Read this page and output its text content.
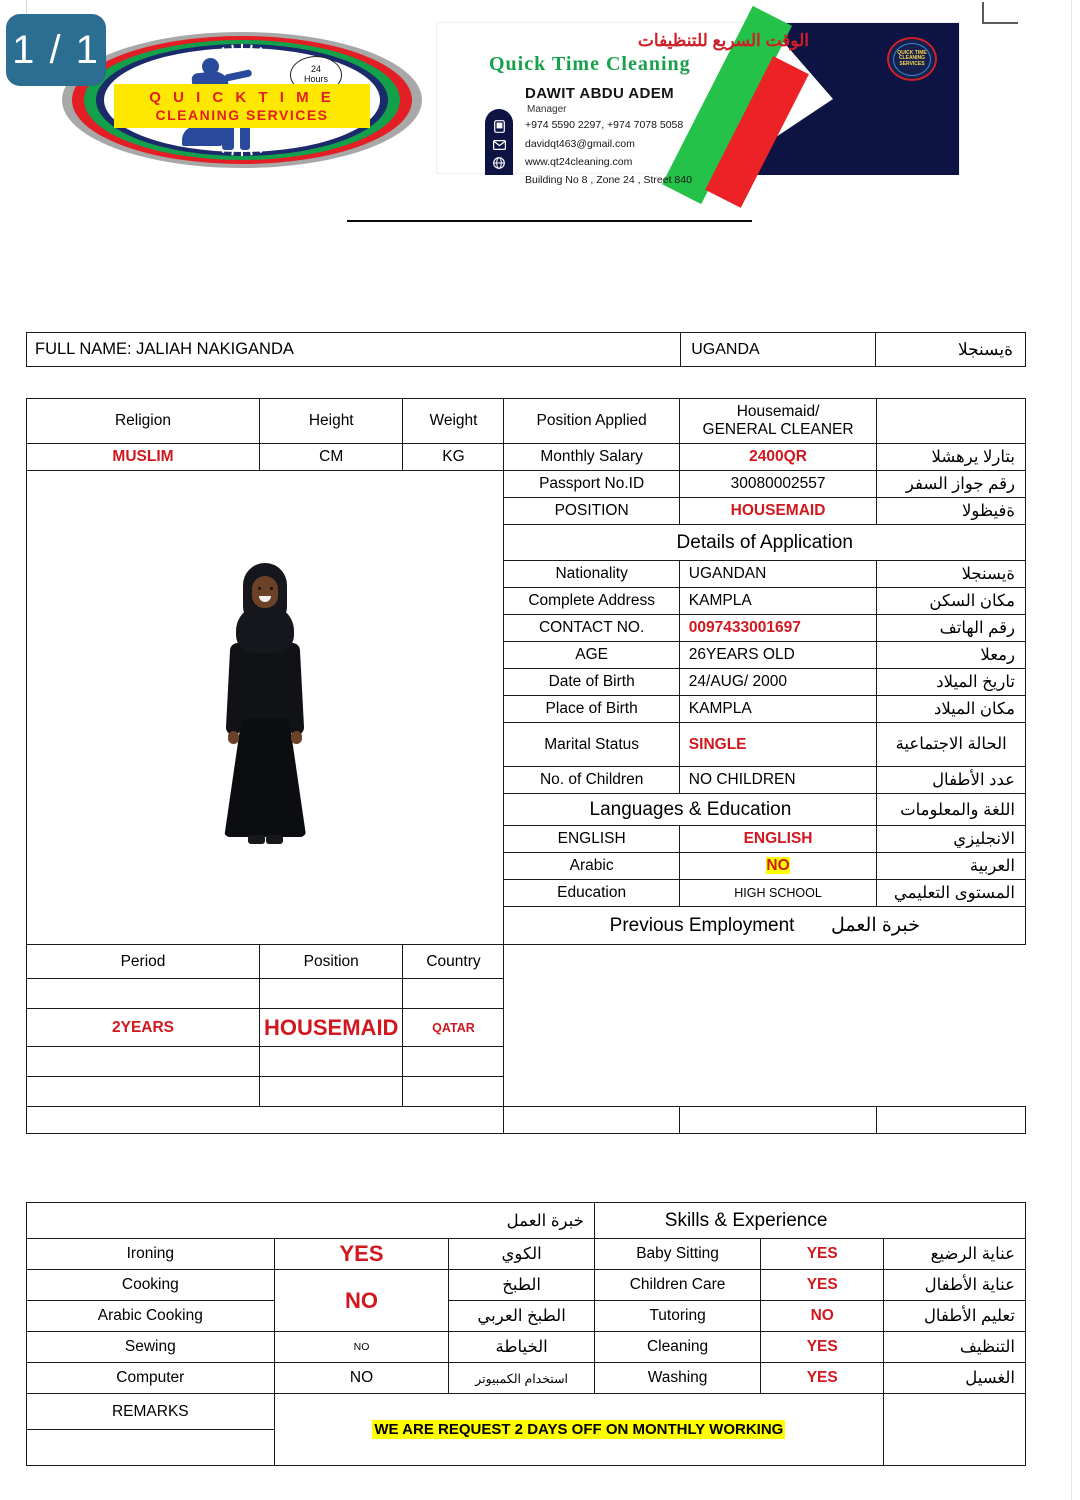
1 / 1	24
Hours
Q U I C K T I M E
CLEANING SERVICES
QUICK TIME CLEANING SERVICES
الوقت السريع للتنظيفات
Quick Time Cleaning
DAWIT ABDU ADEM
Manager
+974 5590 2297, +974 7078 5058
davidqt463@gmail.com
www.qt24cleaning.com
Building No 8 , Zone 24 , Street 840
FULL NAME: JALIAH NAKIGANDA	UGANDA	ةيسنجلا
Religion	Height	Weight	Position Applied	Housemaid/
GENERAL CLEANER	

MUSLIM	CM	KG	Monthly Salary	2400QR	بتارلا يرهشلا

			Passport No.ID	30080002557	رقم جواز السفر
			POSITION	HOUSEMAID	ةفيظولا
			Details of Application		
			Nationality	UGANDAN	ةيسنجلا
			Complete Address	KAMPLA	مكان السكن
			CONTACT NO.	0097433001697	رقم الهاتف
			AGE	26YEARS OLD	رمعلا
			Date of Birth	24/AUG/ 2000	تاريخ الميلاد
			Place of Birth	KAMPLA	مكان الميلاد
			Marital Status	SINGLE	الحالة الاجتماعية
			No. of Children	NO CHILDREN	عدد الأطفال
			Languages & Education		اللغة والمعلومات
			ENGLISH	ENGLISH	الانجليزي
			Arabic	NO	العربية
			Education	HIGH SCHOOL	المستوى التعليمي
			Previous Employment خبرة العمل		
Period	Position	Country			

2YEARS	HOUSEMAID	QATAR			

خبرة العمل			Skills & Experience		
Ironing	YES	الكوي	Baby Sitting	YES	عناية الرضيع
Cooking	NO	الطبخ	Children Care	YES	عناية الأطفال
Arabic Cooking		الطبخ العربي	Tutoring	NO	تعليم الأطفال
Sewing	NO	الخياطة	Cleaning	YES	التنظيف
Computer	NO	استخدام الكمبيوتر	Washing	YES	الغسيل
REMARKS	WE ARE REQUEST 2 DAYS OFF ON MONTHLY WORKING				
